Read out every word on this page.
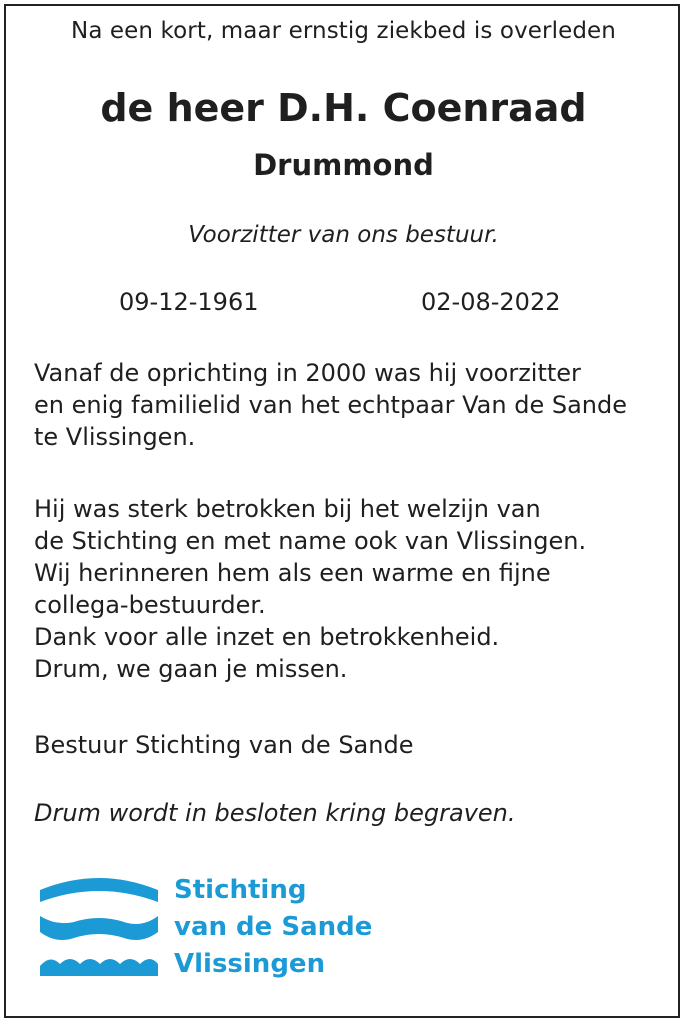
Na een kort, maar ernstig ziekbed is overleden
de heer D.H. Coenraad
Drummond
Voorzitter van ons bestuur.
09-12-1961	02-08-2022
Vanaf de oprichting in 2000 was hij voorzitter
en enig familielid van het echtpaar Van de Sande
te Vlissingen.
Hij was sterk betrokken bij het welzijn van
de Stichting en met name ook van Vlissingen.
Wij herinneren hem als een warme en fijne
collega-bestuurder.
Dank voor alle inzet en betrokkenheid.
Drum, we gaan je missen.
Bestuur Stichting van de Sande
Drum wordt in besloten kring begraven.
Stichting
van de Sande
Vlissingen
